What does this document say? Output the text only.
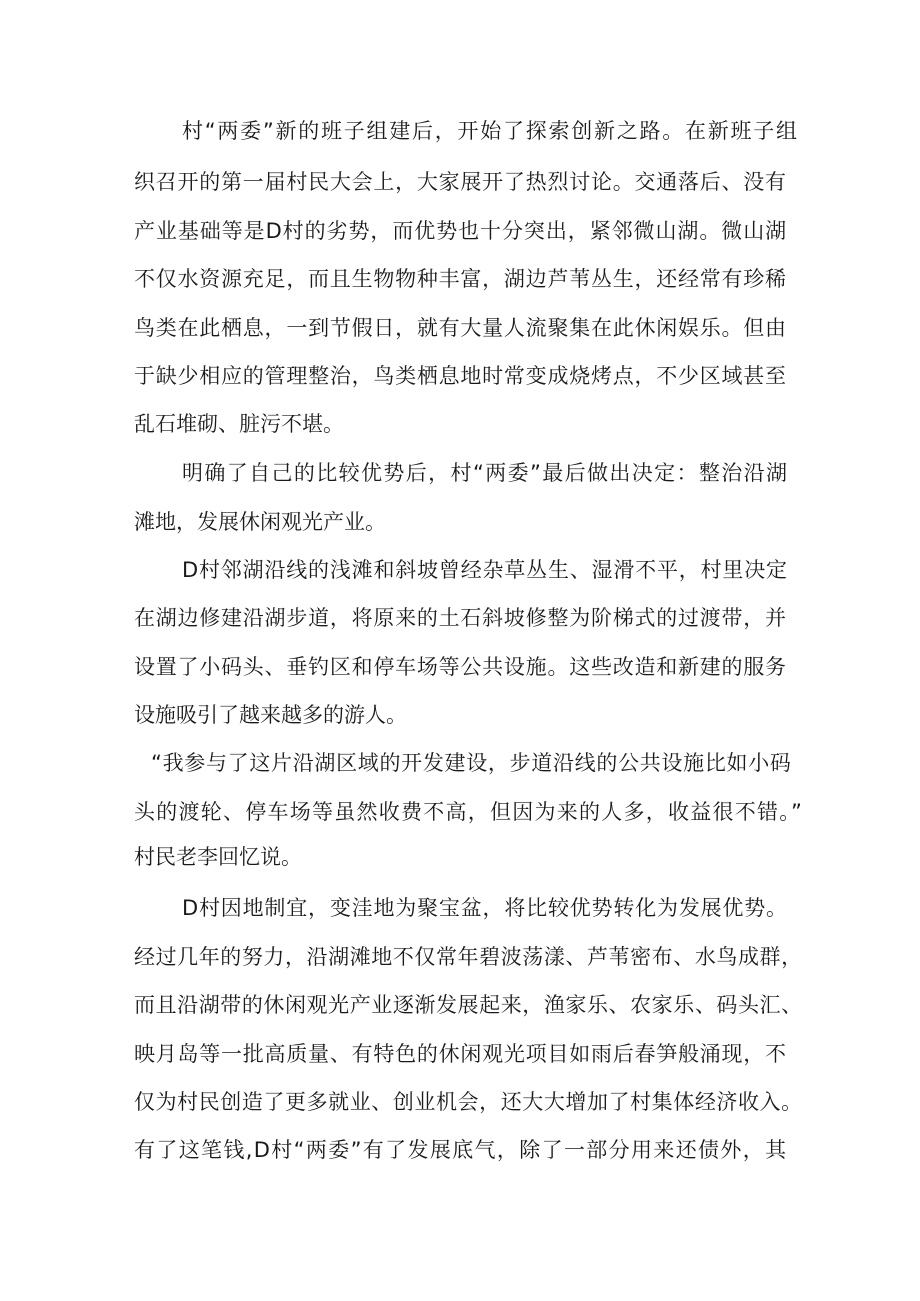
村“两委”新的班子组建后，开始了探索创新之路。在新班子组
织召开的第一届村民大会上，大家展开了热烈讨论。交通落后、没有
产业基础等是D村的劣势，而优势也十分突出，紧邻微山湖。微山湖
不仅水资源充足，而且生物物种丰富，湖边芦苇丛生，还经常有珍稀
鸟类在此栖息，一到节假日，就有大量人流聚集在此休闲娱乐。但由
于缺少相应的管理整治，鸟类栖息地时常变成烧烤点，不少区域甚至
乱石堆砌、脏污不堪。
明确了自己的比较优势后，村“两委”最后做出决定：整治沿湖
滩地，发展休闲观光产业。
D村邻湖沿线的浅滩和斜坡曾经杂草丛生、湿滑不平，村里决定
在湖边修建沿湖步道，将原来的土石斜坡修整为阶梯式的过渡带，并
设置了小码头、垂钓区和停车场等公共设施。这些改造和新建的服务
设施吸引了越来越多的游人。
“我参与了这片沿湖区域的开发建设，步道沿线的公共设施比如小码
头的渡轮、停车场等虽然收费不高，但因为来的人多，收益很不错。”
村民老李回忆说。
D村因地制宜，变洼地为聚宝盆，将比较优势转化为发展优势。
经过几年的努力，沿湖滩地不仅常年碧波荡漾、芦苇密布、水鸟成群，
而且沿湖带的休闲观光产业逐渐发展起来，渔家乐、农家乐、码头汇、
映月岛等一批高质量、有特色的休闲观光项目如雨后春笋般涌现，不
仅为村民创造了更多就业、创业机会，还大大增加了村集体经济收入。
有了这笔钱,D村“两委”有了发展底气，除了一部分用来还债外，其
